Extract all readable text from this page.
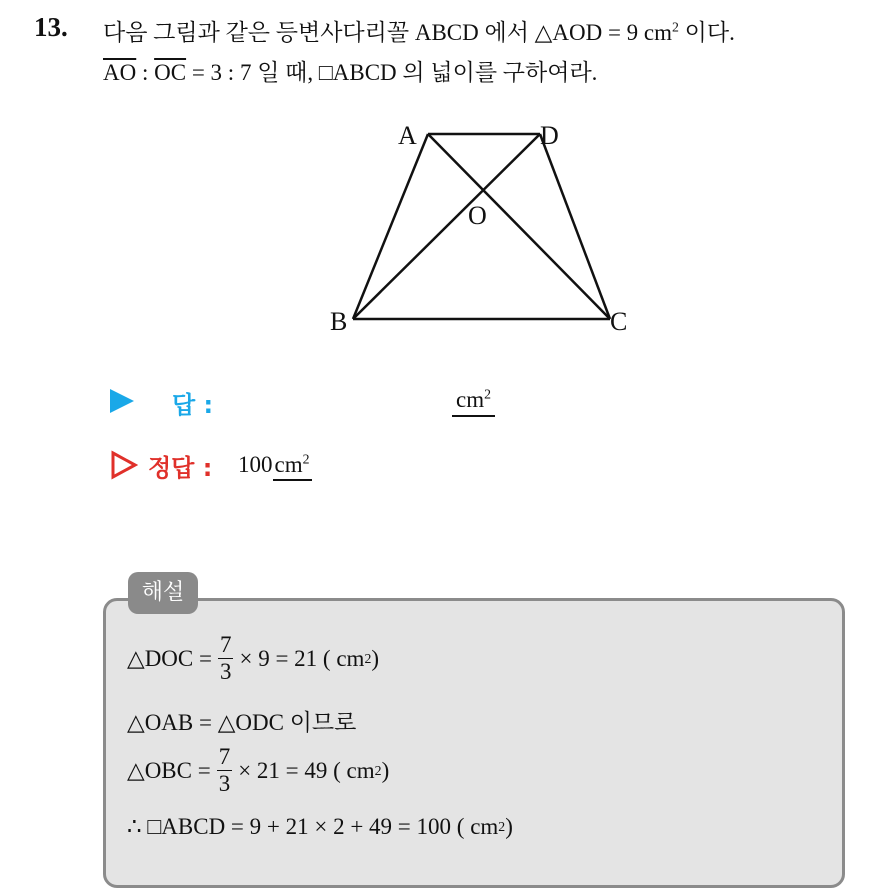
13. 다음 그림과 같은 등변사다리꼴 ABCD 에서 △AOD = 9 $cm^2$ 이다.
$\overline{AO}$ : $\overline{OC} = 3$ : 7 일 때, □ABCD 의 넓이를 구하여라.
A	D
O
B	C
답 :	$cm^2$
정답 : $100cm^2$
해설
△DOC = $\frac{7}{3} \times 9 = 21$ ( cm 2 )
△OAB = △ODC 이므로
△OBC = $\frac{7}{3} \times 21 = 49$ ( cm 2 )
∴ □ABCD = 9 + 21 × 2 + 49 = 100 ( cm 2 )
